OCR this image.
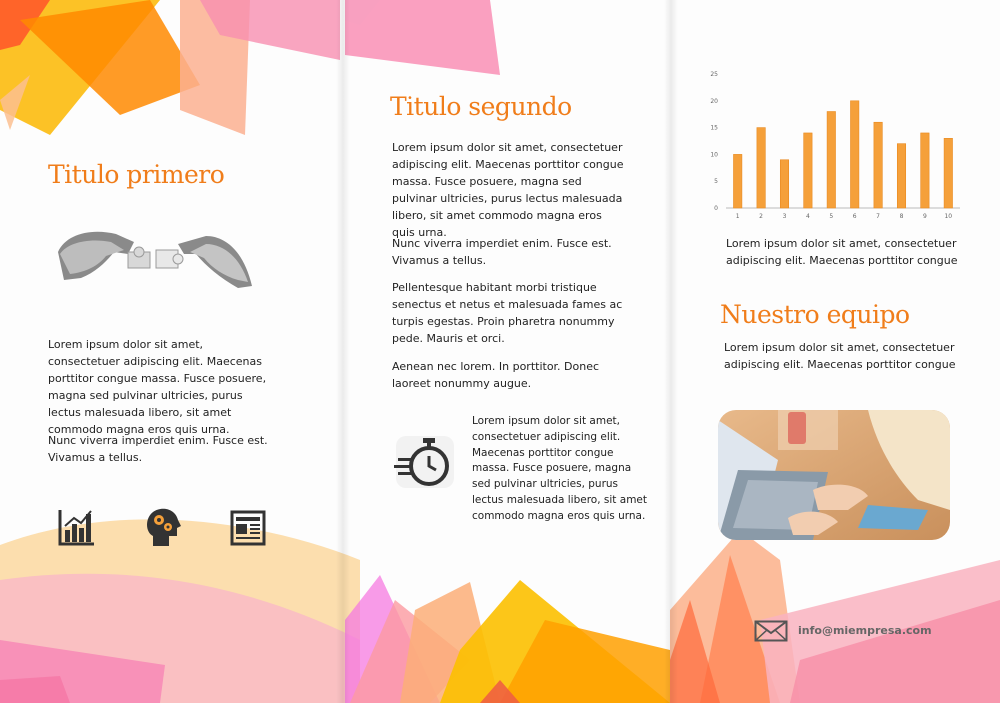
Titulo primero

Lorem ipsum dolor sit amet, consectetuer adipiscing elit. Maecenas porttitor congue massa. Fusce posuere, magna sed pulvinar ultricies, purus lectus malesuada libero, sit amet commodo magna eros quis urna.

Nunc viverra imperdiet enim. Fusce est. Vivamus a tellus.

Titulo segundo

Lorem ipsum dolor sit amet, consectetuer adipiscing elit. Maecenas porttitor congue massa. Fusce posuere, magna sed pulvinar ultricies, purus lectus malesuada libero, sit amet commodo magna eros quis urna.

Nunc viverra imperdiet enim. Fusce est. Vivamus a tellus.

Pellentesque habitant morbi tristique senectus et netus et malesuada fames ac turpis egestas. Proin pharetra nonummy pede. Mauris et orci.

Aenean nec lorem. In porttitor. Donec laoreet nonummy augue.

Lorem ipsum dolor sit amet, consectetuer adipiscing elit. Maecenas porttitor congue massa. Fusce posuere, magna sed pulvinar ultricies, purus lectus malesuada libero, sit amet commodo magna eros quis urna.

0
5
10
15
20
25
1	2	3	4	5	6	7	8	9	10

Lorem ipsum dolor sit amet, consectetuer adipiscing elit. Maecenas porttitor congue

Nuestro equipo

Lorem ipsum dolor sit amet, consectetuer adipiscing elit. Maecenas porttitor congue

info@miempresa.com
